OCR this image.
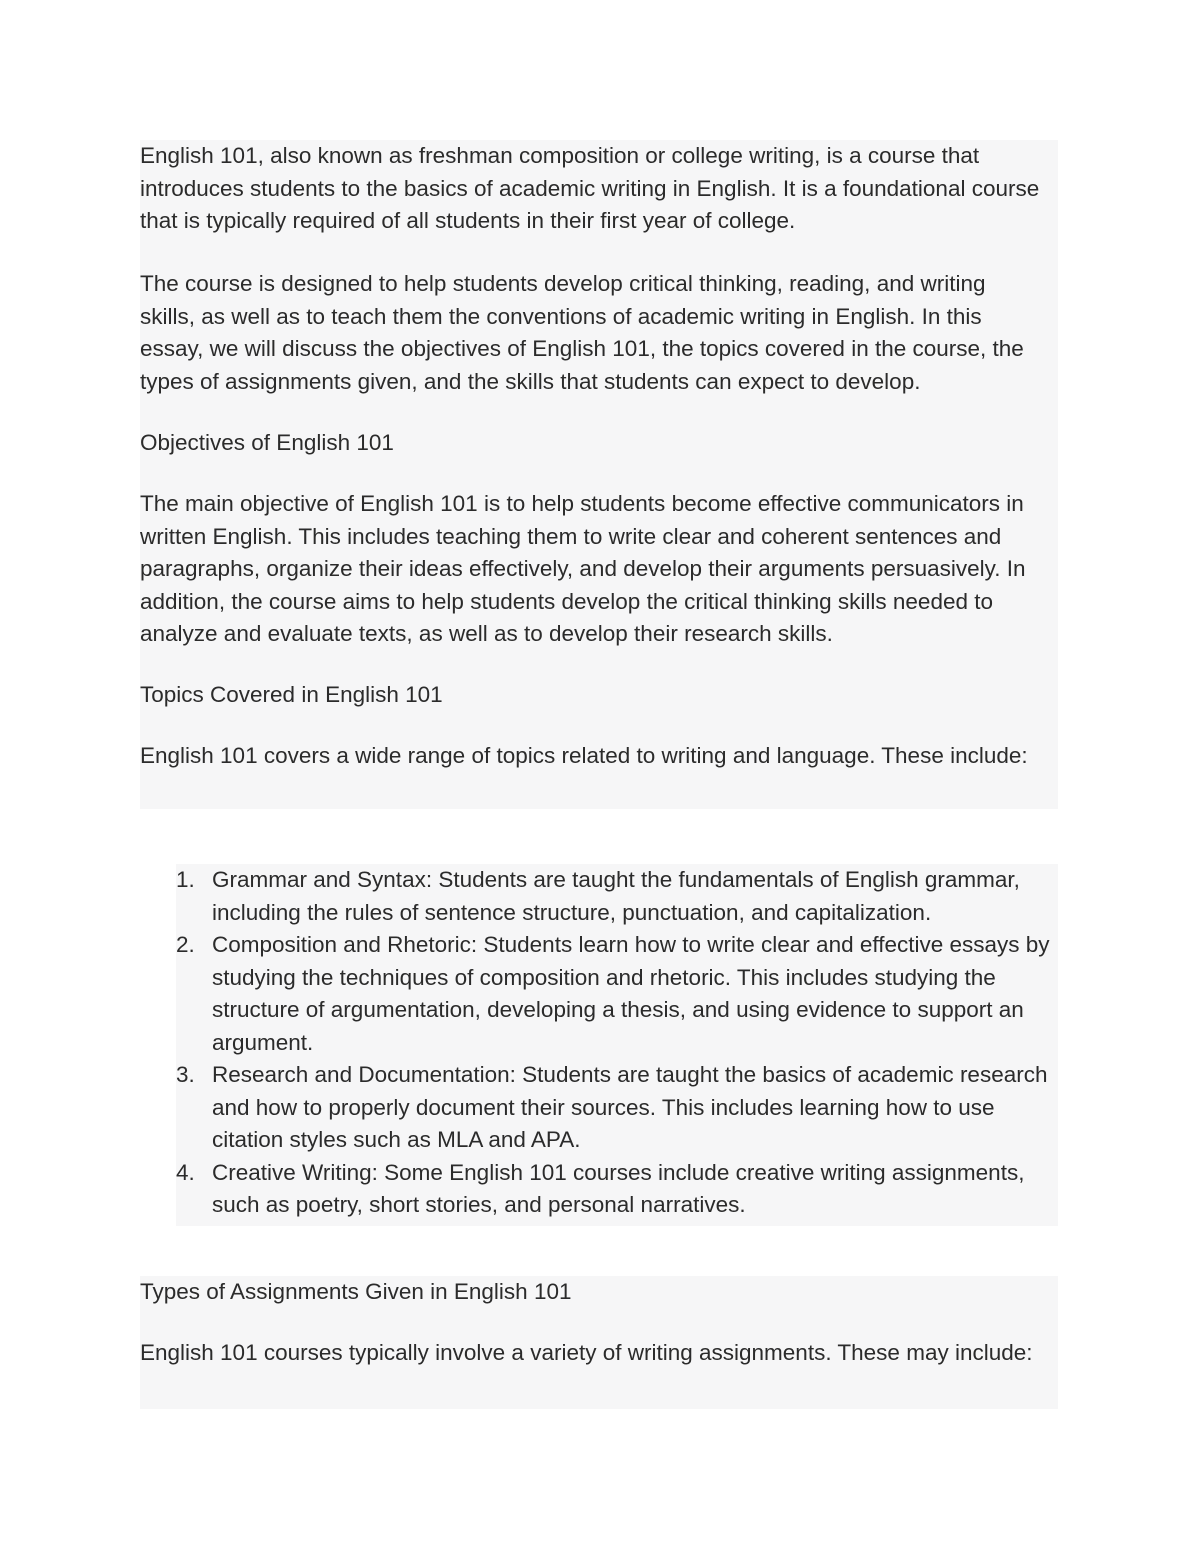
English 101, also known as freshman composition or college writing, is a course that introduces students to the basics of academic writing in English. It is a foundational course that is typically required of all students in their first year of college.

The course is designed to help students develop critical thinking, reading, and writing skills, as well as to teach them the conventions of academic writing in English. In this essay, we will discuss the objectives of English 101, the topics covered in the course, the types of assignments given, and the skills that students can expect to develop.

Objectives of English 101

The main objective of English 101 is to help students become effective communicators in written English. This includes teaching them to write clear and coherent sentences and paragraphs, organize their ideas effectively, and develop their arguments persuasively. In addition, the course aims to help students develop the critical thinking skills needed to analyze and evaluate texts, as well as to develop their research skills.

Topics Covered in English 101

English 101 covers a wide range of topics related to writing and language. These include:

1. Grammar and Syntax: Students are taught the fundamentals of English grammar, including the rules of sentence structure, punctuation, and capitalization.
2. Composition and Rhetoric: Students learn how to write clear and effective essays by studying the techniques of composition and rhetoric. This includes studying the structure of argumentation, developing a thesis, and using evidence to support an argument.
3. Research and Documentation: Students are taught the basics of academic research and how to properly document their sources. This includes learning how to use citation styles such as MLA and APA.
4. Creative Writing: Some English 101 courses include creative writing assignments, such as poetry, short stories, and personal narratives.

Types of Assignments Given in English 101

English 101 courses typically involve a variety of writing assignments. These may include:
